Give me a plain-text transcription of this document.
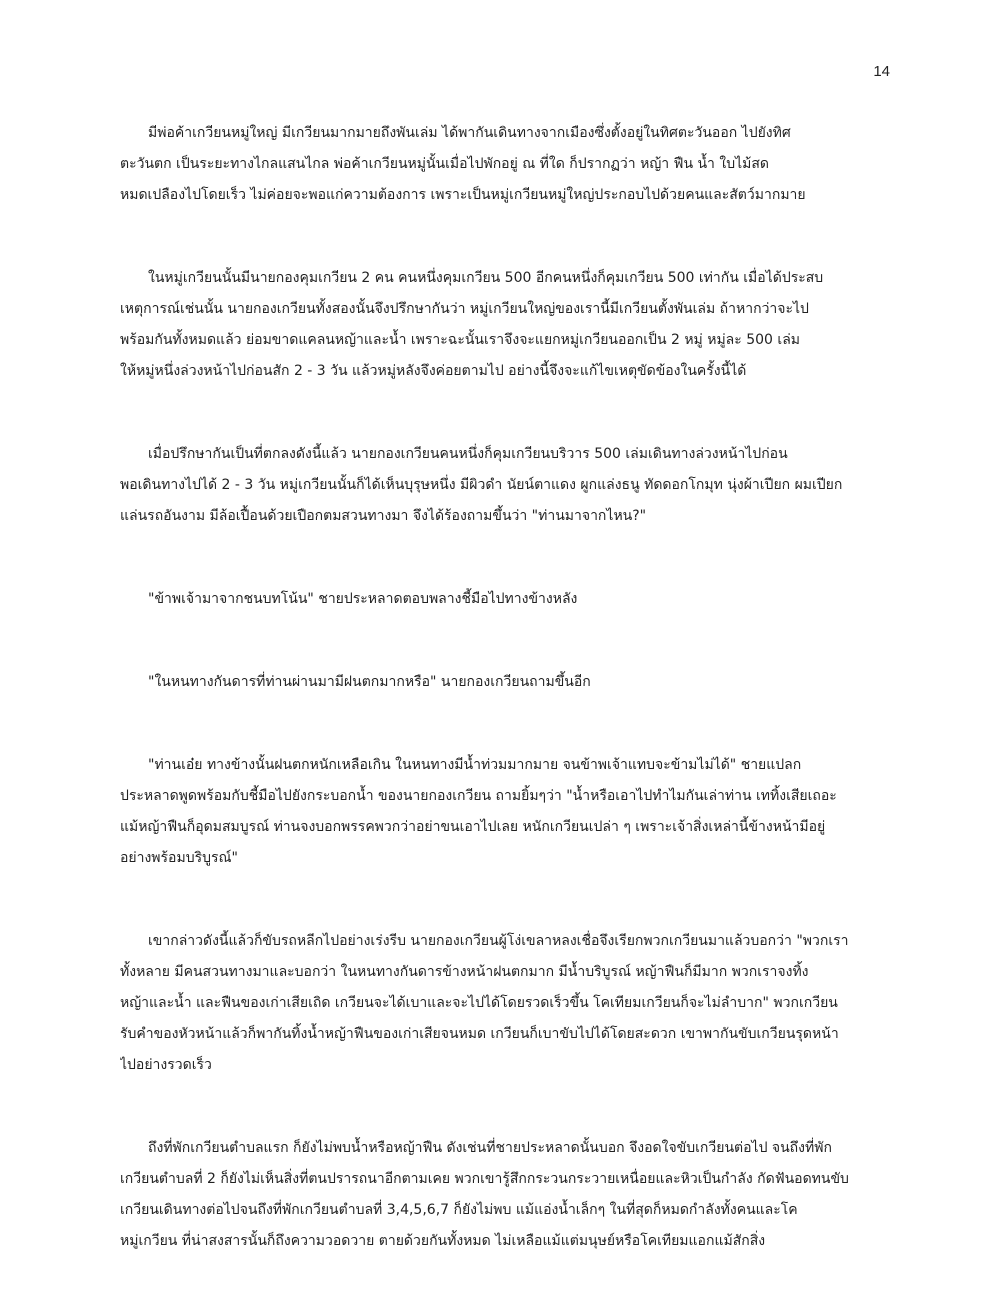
14
มีพ่อค้าเกวียนหมู่ใหญ่ มีเกวียนมากมายถึงพันเล่ม ได้พากันเดินทางจากเมืองซึ่งตั้งอยู่ในทิศตะวันออก ไปยังทิศ
ตะวันตก เป็นระยะทางไกลแสนไกล พ่อค้าเกวียนหมู่นั้นเมื่อไปพักอยู่ ณ ที่ใด ก็ปรากฏว่า หญ้า ฟืน น้ำ ใบไม้สด
หมดเปลืองไปโดยเร็ว ไม่ค่อยจะพอแก่ความต้องการ เพราะเป็นหมู่เกวียนหมู่ใหญ่ประกอบไปด้วยคนและสัตว์มากมาย
ในหมู่เกวียนนั้นมีนายกองคุมเกวียน 2 คน คนหนึ่งคุมเกวียน 500 อีกคนหนึ่งก็คุมเกวียน 500 เท่ากัน เมื่อได้ประสบ
เหตุการณ์เช่นนั้น นายกองเกวียนทั้งสองนั้นจึงปรึกษากันว่า หมู่เกวียนใหญ่ของเรานี้มีเกวียนตั้งพันเล่ม ถ้าหากว่าจะไป
พร้อมกันทั้งหมดแล้ว ย่อมขาดแคลนหญ้าและน้ำ เพราะฉะนั้นเราจึงจะแยกหมู่เกวียนออกเป็น 2 หมู่ หมู่ละ 500 เล่ม
ให้หมู่หนึ่งล่วงหน้าไปก่อนสัก 2 - 3 วัน แล้วหมู่หลังจึงค่อยตามไป อย่างนี้จึงจะแก้ไขเหตุขัดข้องในครั้งนี้ได้
เมื่อปรึกษากันเป็นที่ตกลงดังนี้แล้ว นายกองเกวียนคนหนึ่งก็คุมเกวียนบริวาร 500 เล่มเดินทางล่วงหน้าไปก่อน
พอเดินทางไปได้ 2 - 3 วัน หมู่เกวียนนั้นก็ได้เห็นบุรุษหนึ่ง มีผิวดำ นัยน์ตาแดง ผูกแล่งธนู ทัดดอกโกมุท นุ่งผ้าเปียก ผมเปียก
แล่นรถอันงาม มีล้อเปื้อนด้วยเปือกตมสวนทางมา จึงได้ร้องถามขึ้นว่า "ท่านมาจากไหน?"
"ข้าพเจ้ามาจากชนบทโน้น" ชายประหลาดตอบพลางชี้มือไปทางข้างหลัง
"ในหนทางกันดารที่ท่านผ่านมามีฝนตกมากหรือ" นายกองเกวียนถามขึ้นอีก
"ท่านเอ๋ย ทางข้างนั้นฝนตกหนักเหลือเกิน ในหนทางมีน้ำท่วมมากมาย จนข้าพเจ้าแทบจะข้ามไม่ได้" ชายแปลก
ประหลาดพูดพร้อมกับชี้มือไปยังกระบอกน้ำ ของนายกองเกวียน ถามยิ้มๆว่า "น้ำหรือเอาไปทำไมกันเล่าท่าน เททิ้งเสียเถอะ
แม้หญ้าฟืนก็อุดมสมบูรณ์ ท่านจงบอกพรรคพวกว่าอย่าขนเอาไปเลย หนักเกวียนเปล่า ๆ เพราะเจ้าสิ่งเหล่านี้ข้างหน้ามีอยู่
อย่างพร้อมบริบูรณ์"
เขากล่าวดังนี้แล้วก็ขับรถหลีกไปอย่างเร่งรีบ นายกองเกวียนผู้โง่เขลาหลงเชื่อจึงเรียกพวกเกวียนมาแล้วบอกว่า "พวกเรา
ทั้งหลาย มีคนสวนทางมาและบอกว่า ในหนทางกันดารข้างหน้าฝนตกมาก มีน้ำบริบูรณ์ หญ้าฟืนก็มีมาก พวกเราจงทิ้ง
หญ้าและน้ำ และฟืนของเก่าเสียเถิด เกวียนจะได้เบาและจะไปได้โดยรวดเร็วขึ้น โคเทียมเกวียนก็จะไม่ลำบาก" พวกเกวียน
รับคำของหัวหน้าแล้วก็พากันทิ้งน้ำหญ้าฟืนของเก่าเสียจนหมด เกวียนก็เบาขับไปได้โดยสะดวก เขาพากันขับเกวียนรุดหน้า
ไปอย่างรวดเร็ว
ถึงที่พักเกวียนตำบลแรก ก็ยังไม่พบน้ำหรือหญ้าฟืน ดังเช่นที่ชายประหลาดนั้นบอก จึงอดใจขับเกวียนต่อไป จนถึงที่พัก
เกวียนตำบลที่ 2 ก็ยังไม่เห็นสิ่งที่ตนปรารถนาอีกตามเคย พวกเขารู้สึกกระวนกระวายเหนื่อยและหิวเป็นกำลัง กัดฟันอดทนขับ
เกวียนเดินทางต่อไปจนถึงที่พักเกวียนตำบลที่ 3,4,5,6,7 ก็ยังไม่พบ แม้แอ่งน้ำเล็กๆ ในที่สุดก็หมดกำลังทั้งคนและโค
หมู่เกวียน ที่น่าสงสารนั้นก็ถึงความวอดวาย ตายด้วยกันทั้งหมด ไม่เหลือแม้แต่มนุษย์หรือโคเทียมแอกแม้สักสิ่ง
